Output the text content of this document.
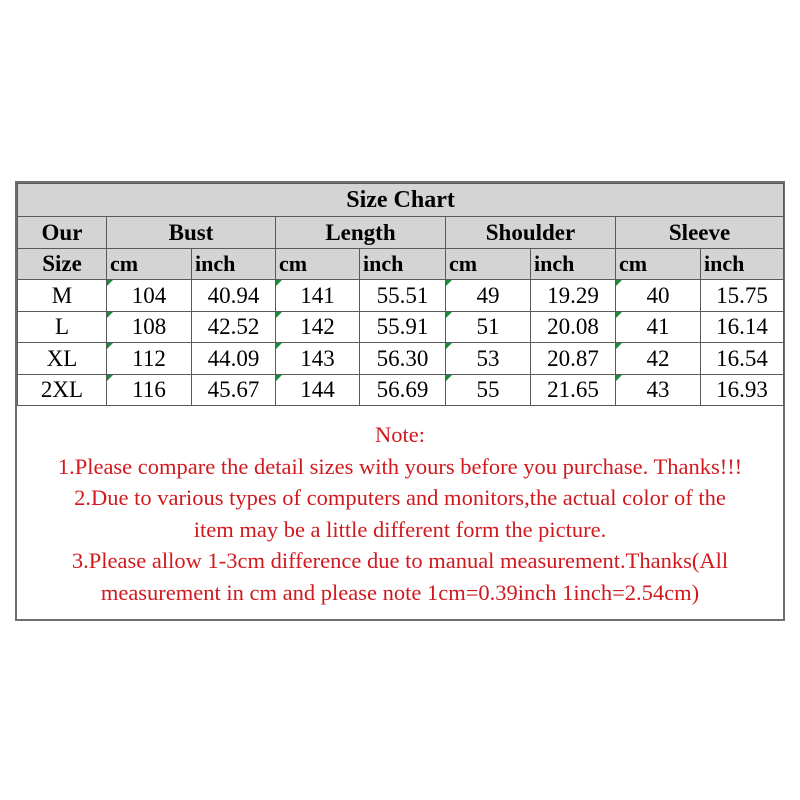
Size Chart								
Our	Bust		Length		Shoulder		Sleeve	
Size	cm	inch	cm	inch	cm	inch	cm	inch
M	104	40.94	141	55.51	49	19.29	40	15.75
L	108	42.52	142	55.91	51	20.08	41	16.14
XL	112	44.09	143	56.30	53	20.87	42	16.54
2XL	116	45.67	144	56.69	55	21.65	43	16.93
Note:
1.Please compare the detail sizes with yours before you purchase. Thanks!!!
2.Due to various types of computers and monitors,the actual color of the
item may be a little different form the picture.
3.Please allow 1-3cm difference due to manual measurement.Thanks(All
measurement in cm and please note 1cm=0.39inch 1inch=2.54cm)
